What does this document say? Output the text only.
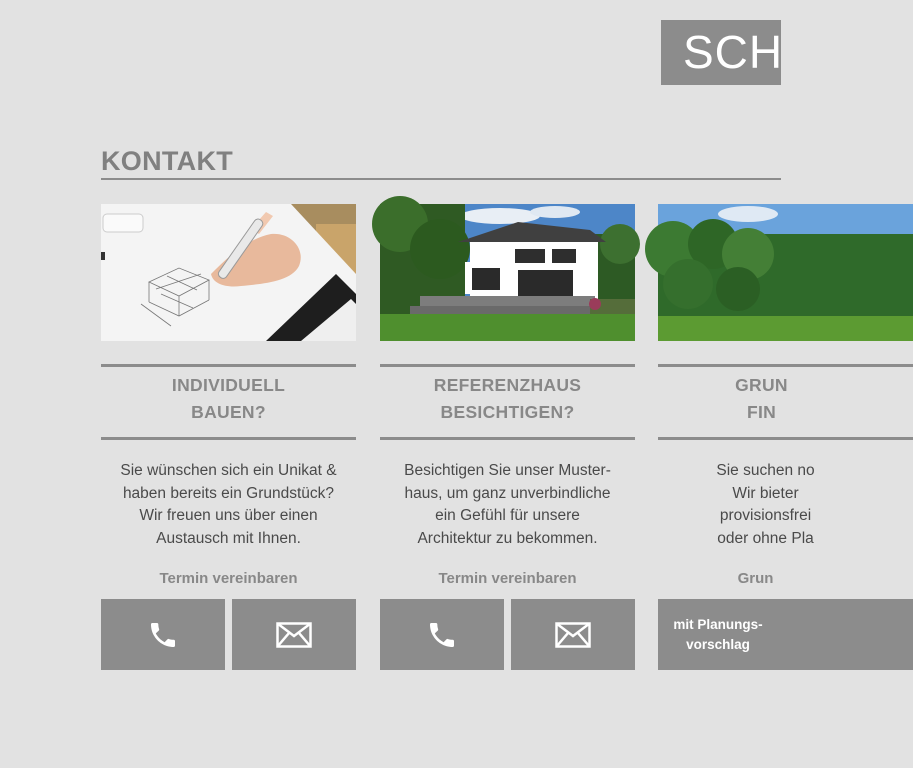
SCH
KONTAKT
INDIVIDUELL
BAUEN?
Sie wünschen sich ein Unikat &
haben bereits ein Grundstück?
Wir freuen uns über einen
Austausch mit Ihnen.
Termin vereinbaren
REFERENZHAUS
BESICHTIGEN?
Besichtigen Sie unser Muster-
haus, um ganz unverbindliche
ein Gefühl für unsere
Architektur zu bekommen.
Termin vereinbaren
GRUN
FIN
Sie suchen no
Wir bieter
provisionsfrei
oder ohne Pla
Grun
mit Planungs-
vorschlag
